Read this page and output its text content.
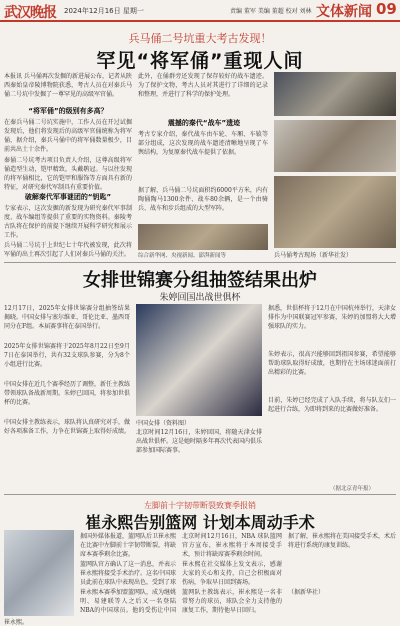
武汉晚报 2024年12月16日 星期一	责编 董军 美编 董超 校对 刘林 文体新闻 09
兵马俑二号坑重大考古发现！
罕见“将军俑”重现人间
本报讯 兵马俑再次发掘的新进展公布，记者从陕西秦始皇帝陵博物院获悉，考古人员在对秦兵马俑二号坑中发掘了一尊罕见的高级军官俑。
“将军俑”的级别有多高？
在秦兵马俑二号坑实施中，工作人员在开过试掘发现后，他们将发现后的高级军官俑统称为将军俑，据介绍，秦兵马俑中的将军俑数量极少，目前共出土十余件。
秦俑二号坑考古项目负责人介绍，这尊高级将军俑造型生动，铠甲精致，头戴鹖冠。与以往发现的将军俑相比，它的铠甲和服饰等方面具有新的特征，对研究秦代军制具有重要价值。
破解秦代军事谜团的“钥匙”
专家表示，这次发掘的新发现为研究秦代军事制度、战车编组等提供了重要的实物资料。秦陵考古队将在保护的前提下继续开展科学研究和展示工作。
兵马俑二号坑于上世纪七十年代被发现，此次将军俑的出土再次引起了人们对秦兵马俑的关注。
震撼的秦代“战车”遗迹
此外，在俑群旁还发现了保存较好的战车遗迹。为了保护文物，考古人员对其进行了详细的记录和整理，并进行了科学的保护处理。
考古专家介绍，秦代战车由车轮、车厢、车辕等部分组成，这次发现的战车遗迹清晰地呈现了车舆结构，为复原秦代战车提供了依据。
据了解，兵马俑二号坑面积约6000平方米，内有陶俑陶马1300余件、战车80余辆，是一个由骑兵、战车和步兵组成的大型军阵。
综合新华网、央视新闻、澎湃新闻等	兵马俑考古现场（新华社发）
女排世锦赛分组抽签结果出炉
朱婷回国出战世俱杯
12月17日，2025年女排世锦赛分组抽签结果揭晓。中国女排与塞尔维亚、哥伦比亚、墨西哥同分在F组。本届赛事将在泰国举行。
2025年女排世锦赛将于2025年8月22日至9月7日在泰国举行，共有32支球队参赛，分为8个小组进行比赛。
中国女排在近几个赛季经历了调整，新任主教练带领球队备战新周期。朱婷已回国，将参加世俱杯的比赛。
中国女排主教练表示，球队将认真研究对手，做好各项准备工作，力争在世锦赛上取得好成绩。
中国女排（资料图）
北京时间12月16日，朱婷回国，将随天津女排出战世俱杯。这是她时隔多年再次代表国内俱乐部参加国际赛事。
据悉，世俱杯将于12月在中国杭州举行，天津女排作为中国联赛冠军参赛，朱婷的加盟将大大增强球队的实力。
朱婷表示，很高兴能够回到祖国参赛，希望能够帮助球队取得好成绩，也期待在主场球迷面前打出精彩的比赛。
目前，朱婷已经完成了入队手续，将与队友们一起进行合练，为即将到来的比赛做好准备。
（据北京青年报）
左脚前十字韧带断裂致赛季报销
崔永熙告别篮网 计划本周动手术
崔永熙。
据国外媒体报道，篮网队后卫崔永熙在比赛中左脚前十字韧带断裂，将缺席本赛季剩余比赛。
篮网队官方确认了这一消息，并表示崔永熙将接受手术治疗。这名中国球员此前在球队中表现出色，受到了球
崔永熙本赛季加盟篮网队，成为继姚明、易建联等人之后又一名登陆NBA的中国球员。他的受伤让中国
北京时间12月16日，NBA 球队篮网官方宣布，崔永熙将于本周接受手术，预计将缺席赛季剩余时间。
崔永熙在社交媒体上发文表示，感谢大家的关心和支持，自己会积极面对伤病，争取早日回到赛场。
篮网队主教练表示，崔永熙是一名非常努力的球员，球队会全力支持他的康复工作，期待他早日回归。
据了解，崔永熙将在美国接受手术，术后将进行系统的康复训练。
（据新华社）
